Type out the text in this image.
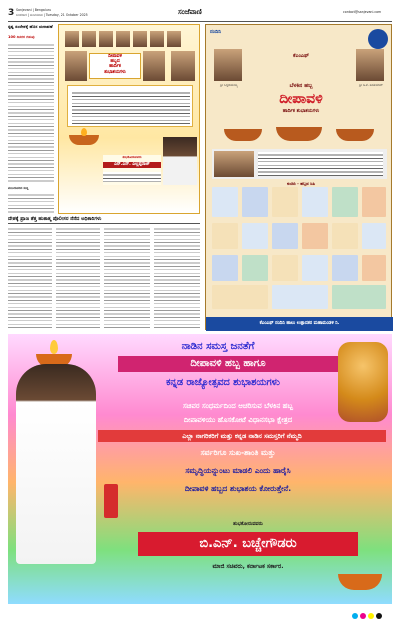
3 Sanjevani | Bengaluru
ಸಂಜೆವಾಣಿ | ಮಂಗಳವಾರ | Tuesday, 21 October 2025	ಸಂಜೆವಾಣಿ	contact@sanjevani.com
ಸ್ಪಷ್ಟ ಸಂದೇಶಕ್ಕೆ ಹೊಸ ಚುನಾವಣೆ
100 ದಿನಗಳ ಗಡುವು
ಮುಂದುವರಿದ ಸುದ್ದಿ
ದೀಪಾವಳಿ
ಹಬ್ಬದ
ಹಾರ್ದಿಕ
ಶುಭಾಶಯಗಳು
ಶುಭಕೋರುವವರು
ಎನ್.ಎನ್. ಎಲ್ಲಪ್ಪರಾಜ್
ನಂದಿನಿ
ಕೆಎಂಎಫ್
ಬೆಳಕಿನ ಹಬ್ಬ
ದೀಪಾವಳಿ
ಹಾರ್ದಿಕ ಶುಭಾಶಯಗಳು
ಶ್ರೀ ಸಿದ್ದರಾಮಯ್ಯ	ಶ್ರೀ ಡಿ.ಕೆ. ಶಿವಕುಮಾರ್
ನಂದಿನಿ - ಹಬ್ಬದ ಸಿಹಿ
ಕೆಎಂಎಫ್ ನಂದಿನಿ ಹಾಲು ಉತ್ಪಾದಕರ ಮಹಾಮಂಡಳಿ ನಿ.
ದೇಶಕ್ಕೆ ಪ್ರಾಣ ತೆತ್ತ ಹುತಾತ್ಮ ಪೊಲೀಸರ ನೆನೆದ ಅಧಿಕಾರಿಗಳು
ನಾಡಿನ ಸಮಸ್ತ ಜನತೆಗೆ
ದೀಪಾವಳಿ ಹಬ್ಬ ಹಾಗೂ
ಕನ್ನಡ ರಾಜ್ಯೋತ್ಸವದ ಶುಭಾಶಯಗಳು
ಸಚಿವರ ಸಂಧರ್ಮದಿಂದ ಆಚರಿಸುವ ಬೆಳಕಿನ ಹಬ್ಬ
ದೀಪಾವಳಿಯು ಹೊಸಕೋಟೆ ವಿಧಾನಸಭಾ ಕ್ಷೇತ್ರದ
ಎಲ್ಲಾ ನಾಗರಿಕರಿಗೆ ಮತ್ತು ಕನ್ನಡ ನಾಡಿನ ಸಮಸ್ತರಿಗೆ ನೆಮ್ಮದಿ
ಸರ್ವರಿಗೂ ಸುಖ-ಶಾಂತಿ ಮತ್ತು
ಸಮೃದ್ಧಿಯನ್ನುಂಟು ಮಾಡಲಿ ಎಂದು ಹಾರೈಸಿ
ದೀಪಾವಳಿ ಹಬ್ಬದ ಶುಭಾಶಯ ಕೋರುತ್ತೇನೆ.
ಶುಭಕೋರುವವರು
ಬಿ.ಎನ್. ಬಚ್ಚೇಗೌಡರು
ಮಾಜಿ ಸಚಿವರು, ಕರ್ನಾಟಕ ಸರ್ಕಾರ.
